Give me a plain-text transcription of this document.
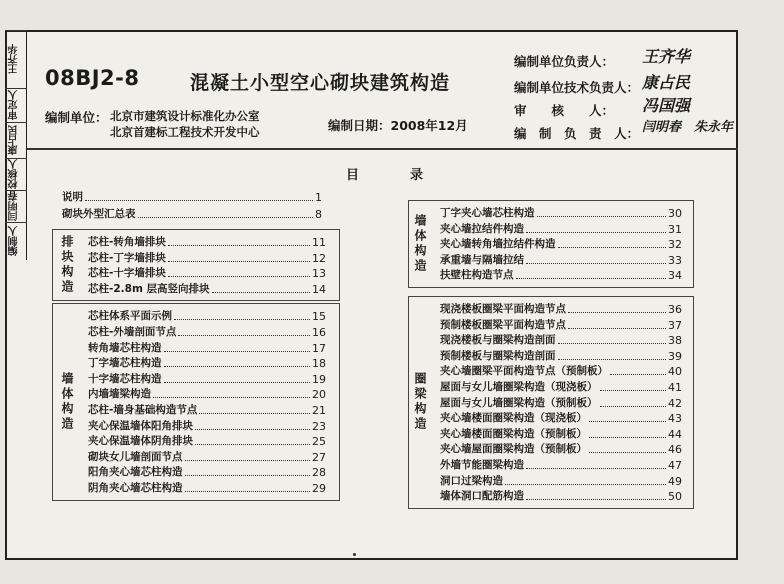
编制人
闫明春
校核人
康占民
审定人
王齐华
08BJ2-8	混凝土小型空心砌块建筑构造
编制单位： 北京市建筑设计标准化办公室
北京首建标工程技术开发中心	编制日期：2008年12月
编制单位负责人： 王齐华
编制单位技术负责人： 康占民
审　　核　　人： 冯国强
编　制　负　责　人： 闫明春　朱永年
目	录
说明	1
砌块外型汇总表	8
排块构造 芯柱-转角墙排块	11
芯柱-丁字墙排块	12
芯柱-十字墙排块	13
芯柱-2.8m 层高竖向排块	14
墙体构造
芯柱体系平面示例	15
芯柱-外墙剖面节点	16
转角墙芯柱构造	17
丁字墙芯柱构造	18
十字墙芯柱构造	19
内墙墙梁构造	20
芯柱-墙身基础构造节点	21
夹心保温墙体阳角排块	23
夹心保温墙体阴角排块	25
砌块女儿墙剖面节点	27
阳角夹心墙芯柱构造	28
阴角夹心墙芯柱构造	29
墙体构造
丁字夹心墙芯柱构造	30
夹心墙拉结件构造	31
夹心墙转角墙拉结件构造	32
承重墙与隔墙拉结	33
扶壁柱构造节点	34
圈梁构造
现浇楼板圈梁平面构造节点	36
预制楼板圈梁平面构造节点	37
现浇楼板与圈梁构造剖面	38
预制楼板与圈梁构造剖面	39
夹心墙圈梁平面构造节点（预制板）	40
屋面与女儿墙圈梁构造（现浇板）	41
屋面与女儿墙圈梁构造（预制板）	42
夹心墙楼面圈梁构造（现浇板）	43
夹心墙楼面圈梁构造（预制板）	44
夹心墙屋面圈梁构造（预制板）	46
外墙节能圈梁构造	47
洞口过梁构造	49
墙体洞口配筋构造	50
